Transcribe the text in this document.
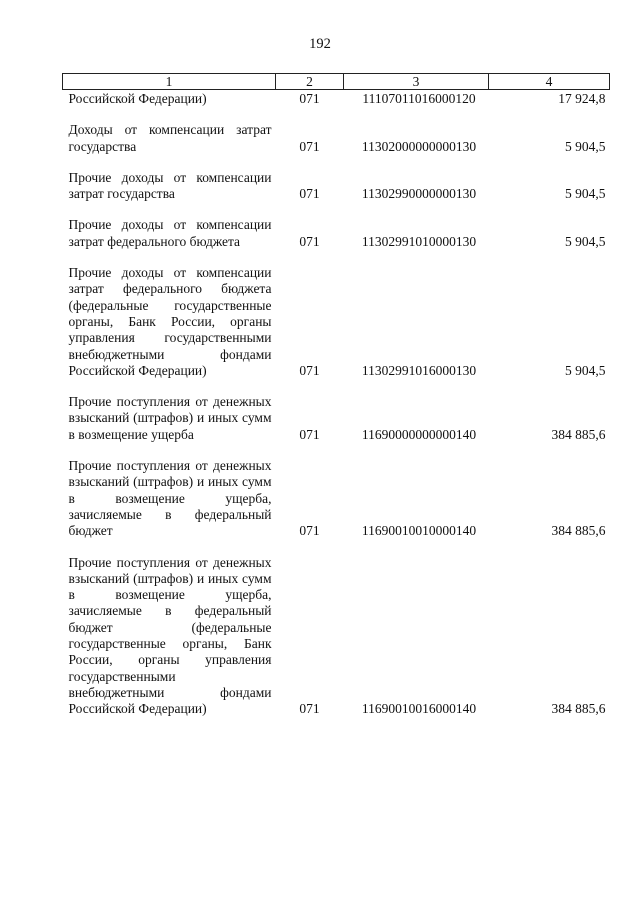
192
1	2	3	4
Российской Федерации)	071	11107011016000120	17 924,8
Доходы от компенсации затрат государства	071	11302000000000130	5 904,5
Прочие доходы от компенсации затрат государства	071	11302990000000130	5 904,5
Прочие доходы от компенсации затрат федерального бюджета	071	11302991010000130	5 904,5
Прочие доходы от компенсации затрат федерального бюджета (федеральные государственные органы, Банк России, органы управления государственными внебюджетными фондами Российской Федерации)	071	11302991016000130	5 904,5
Прочие поступления от денежных взысканий (штрафов) и иных сумм в возмещение ущерба	071	11690000000000140	384 885,6
Прочие поступления от денежных взысканий (штрафов) и иных сумм в возмещение ущерба, зачисляемые в федеральный бюджет	071	11690010010000140	384 885,6
Прочие поступления от денежных взысканий (штрафов) и иных сумм в возмещение ущерба, зачисляемые в федеральный бюджет (федеральные государственные органы, Банк России, органы управления государственными внебюджетными фондами Российской Федерации)	071	11690010016000140	384 885,6
